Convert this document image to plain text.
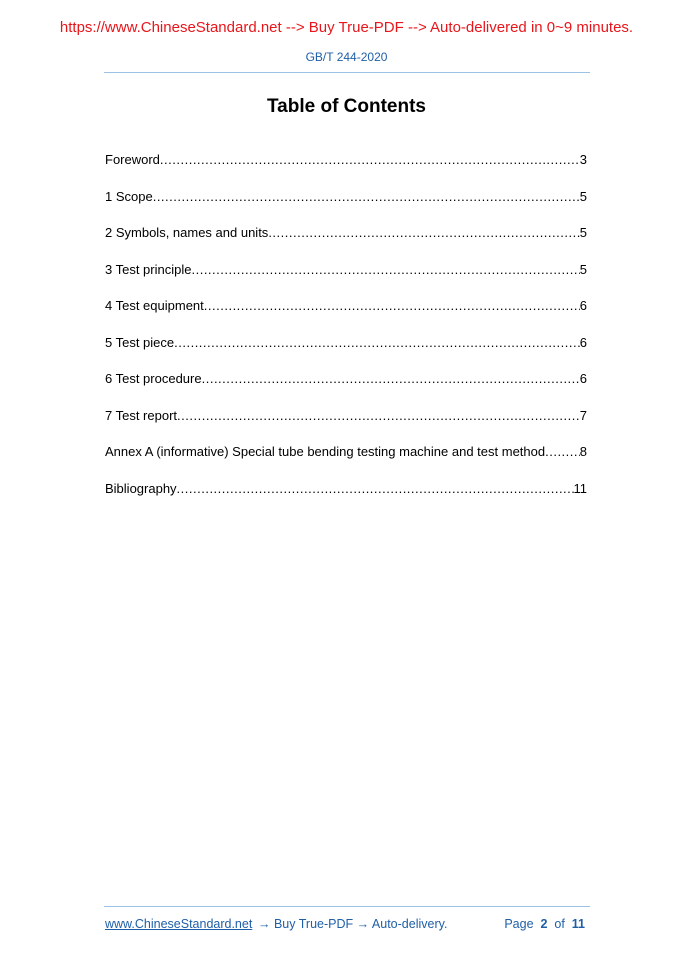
https://www.ChineseStandard.net --> Buy True-PDF --> Auto-delivered in 0~9 minutes.
GB/T 244-2020
Table of Contents
Foreword .....	3
1 Scope .....	5
2 Symbols, names and units .....	5
3 Test principle .....	5
4 Test equipment .....	6
5 Test piece .....	6
6 Test procedure .....	6
7 Test report .....	7
Annex A (informative) Special tube bending testing machine and test method .....	8
Bibliography .....	11
www.ChineseStandard.net → Buy True-PDF → Auto-delivery.	Page 2 of 11
